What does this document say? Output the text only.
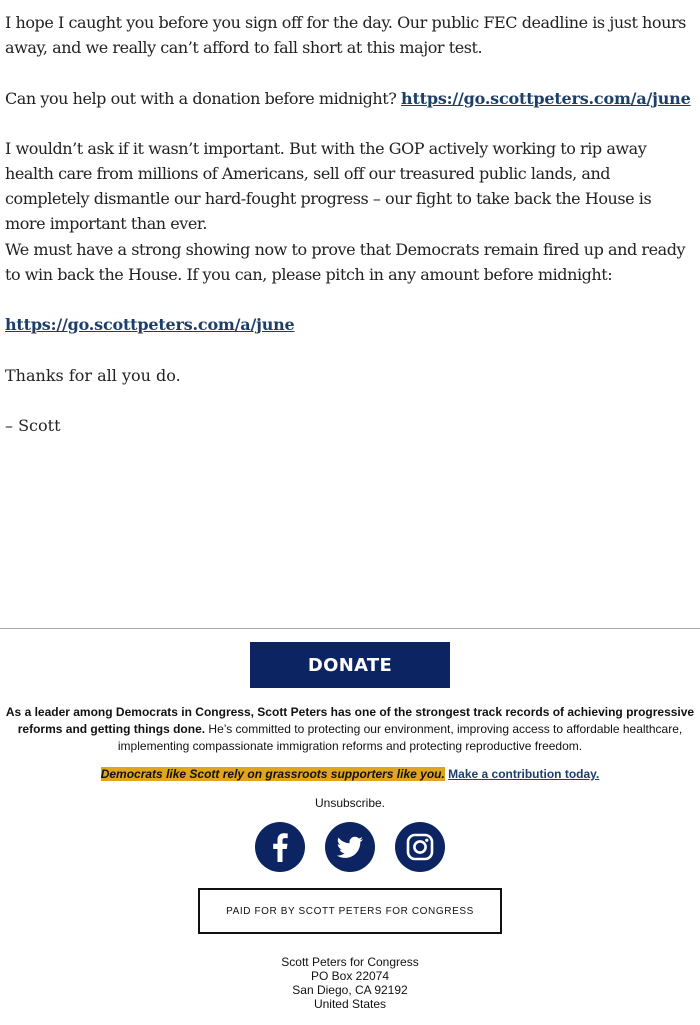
I hope I caught you before you sign off for the day. Our public FEC deadline is just hours away, and we really can’t afford to fall short at this major test.

Can you help out with a donation before midnight? https://go.scottpeters.com/a/june

I wouldn’t ask if it wasn’t important. But with the GOP actively working to rip away health care from millions of Americans, sell off our treasured public lands, and completely dismantle our hard-fought progress – our fight to take back the House is more important than ever.

We must have a strong showing now to prove that Democrats remain fired up and ready to win back the House. If you can, please pitch in any amount before midnight:

https://go.scottpeters.com/a/june

Thanks for all you do.

– Scott

DONATE
As a leader among Democrats in Congress, Scott Peters has one of the strongest track records of achieving progressive reforms and getting things done. He’s committed to protecting our environment, improving access to affordable healthcare, implementing compassionate immigration reforms and protecting reproductive freedom.
Democrats like Scott rely on grassroots supporters like you. Make a contribution today.
Unsubscribe.
PAID FOR BY SCOTT PETERS FOR CONGRESS
Scott Peters for Congress
PO Box 22074
San Diego, CA 92192
United States
